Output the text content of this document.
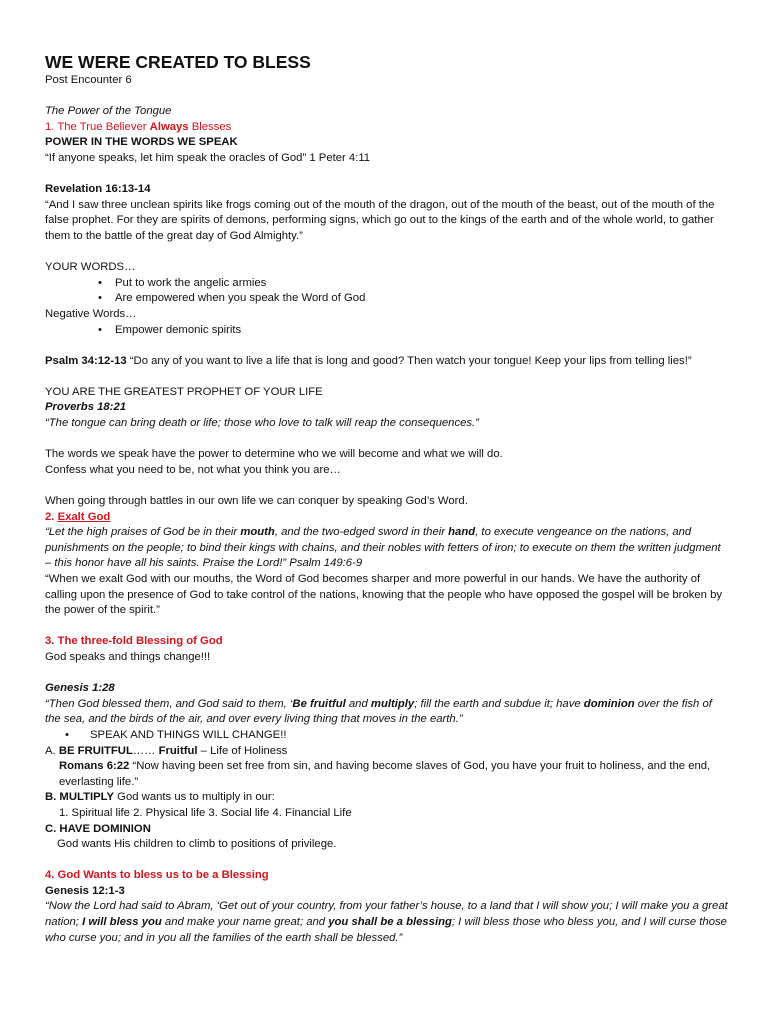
WE WERE CREATED TO BLESS

Post Encounter 6

The Power of the Tongue

1. The True Believer Always Blesses

POWER IN THE WORDS WE SPEAK

“If anyone speaks, let him speak the oracles of God” 1 Peter 4:11

Revelation 16:13-14

“And I saw three unclean spirits like frogs coming out of the mouth of the dragon, out of the mouth of the beast, out of the mouth of the false prophet. For they are spirits of demons, performing signs, which go out to the kings of the earth and of the whole world, to gather them to the battle of the great day of God Almighty.”

YOUR WORDS…

• Put to work the angelic armies

• Are empowered when you speak the Word of God

Negative Words…

• Empower demonic spirits

Psalm 34:12-13 “Do any of you want to live a life that is long and good? Then watch your tongue! Keep your lips from telling lies!”

YOU ARE THE GREATEST PROPHET OF YOUR LIFE

Proverbs 18:21

“The tongue can bring death or life; those who love to talk will reap the consequences.”

The words we speak have the power to determine who we will become and what we will do.

Confess what you need to be, not what you think you are…

When going through battles in our own life we can conquer by speaking God’s Word.

2. Exalt God

“Let the high praises of God be in their mouth, and the two-edged sword in their hand, to execute vengeance on the nations, and punishments on the people; to bind their kings with chains, and their nobles with fetters of iron; to execute on them the written judgment – this honor have all his saints. Praise the Lord!” Psalm 149:6-9

“When we exalt God with our mouths, the Word of God becomes sharper and more powerful in our hands. We have the authority of calling upon the presence of God to take control of the nations, knowing that the people who have opposed the gospel will be broken by the power of the spirit.”

3. The three-fold Blessing of God

God speaks and things change!!!

Genesis 1:28

“Then God blessed them, and God said to them, ‘Be fruitful and multiply; fill the earth and subdue it; have dominion over the fish of the sea, and the birds of the air, and over every living thing that moves in the earth.”

• SPEAK AND THINGS WILL CHANGE!!

A. BE FRUITFUL…… Fruitful – Life of Holiness

Romans 6:22 “Now having been set free from sin, and having become slaves of God, you have your fruit to holiness, and the end, everlasting life.”

B. MULTIPLY God wants us to multiply in our:

1. Spiritual life 2. Physical life 3. Social life 4. Financial Life

C. HAVE DOMINION

God wants His children to climb to positions of privilege.

4. God Wants to bless us to be a Blessing

Genesis 12:1-3

“Now the Lord had said to Abram, ‘Get out of your country, from your father’s house, to a land that I will show you; I will make you a great nation; I will bless you and make your name great; and you shall be a blessing; I will bless those who bless you, and I will curse those who curse you; and in you all the families of the earth shall be blessed.”
